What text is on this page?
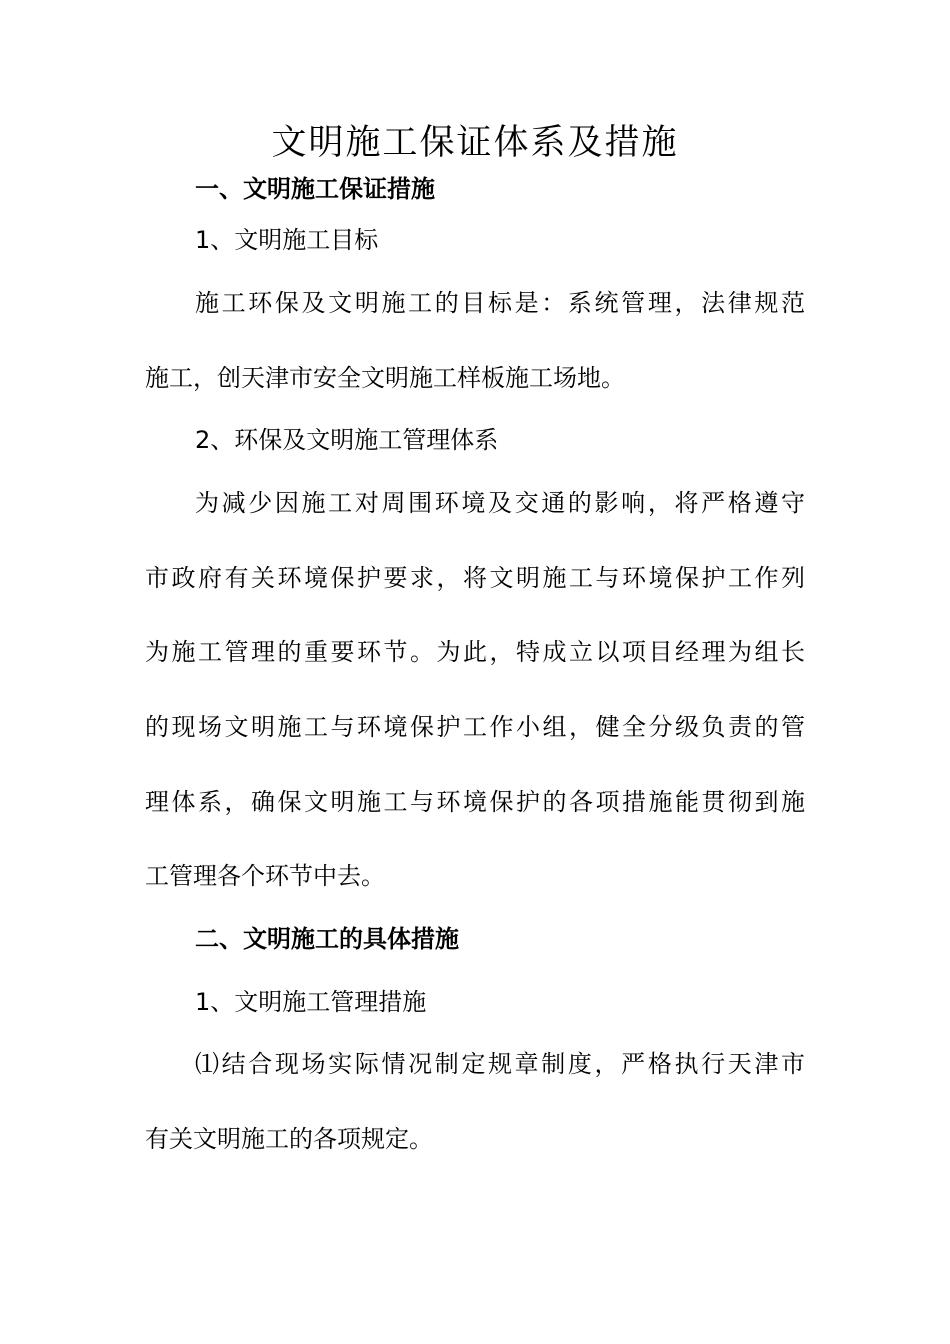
文明施工保证体系及措施
一、文明施工保证措施
1、文明施工目标
施工环保及文明施工的目标是：系统管理，法律规范
施工，创天津市安全文明施工样板施工场地。
2、环保及文明施工管理体系
为减少因施工对周围环境及交通的影响，将严格遵守
市政府有关环境保护要求，将文明施工与环境保护工作列
为施工管理的重要环节。为此，特成立以项目经理为组长
的现场文明施工与环境保护工作小组，健全分级负责的管
理体系，确保文明施工与环境保护的各项措施能贯彻到施
工管理各个环节中去。
二、文明施工的具体措施
1、文明施工管理措施
⑴结合现场实际情况制定规章制度，严格执行天津市
有关文明施工的各项规定。
